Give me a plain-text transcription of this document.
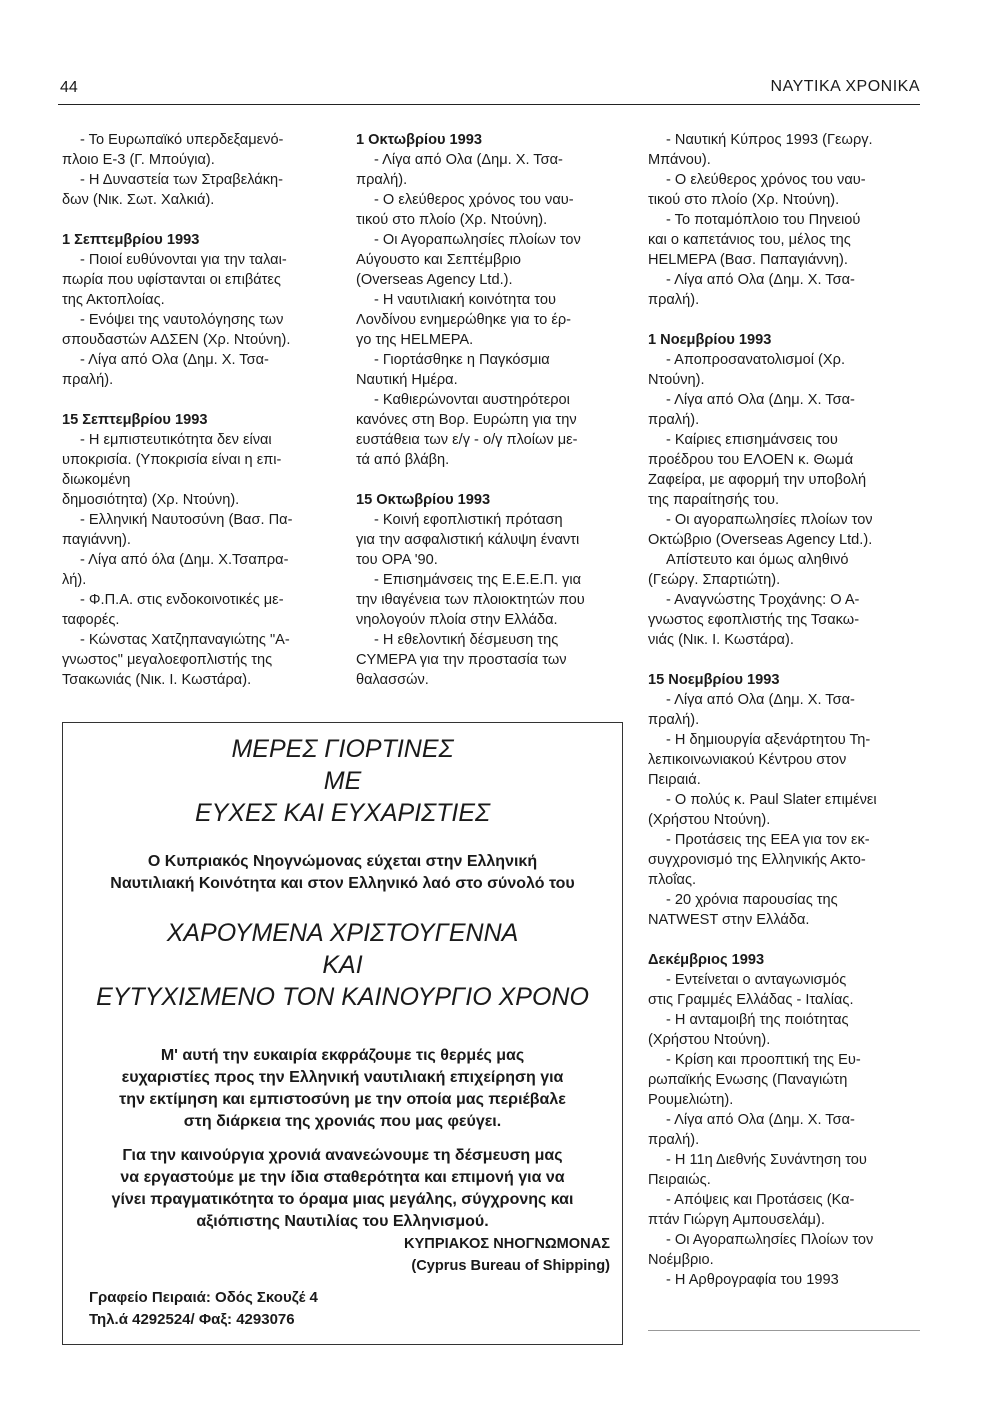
44	ΝΑΥΤΙΚΑ ΧΡΟΝΙΚΑ

- Το Ευρωπαϊκό υπερδεξαμενό-

πλοιο Ε-3 (Γ. Μπούγια).

- Η Δυναστεία των Στραβελάκη-

δων (Νικ. Σωτ. Χαλκιά).

1 Σεπτεμβρίου 1993

- Ποιοί ευθύνονται για την ταλαι-

πωρία που υφίστανται οι επιβάτες

της Ακτοπλοίας.

- Ενόψει της ναυτολόγησης των

σπουδαστών ΑΔΣΕΝ (Χρ. Ντούνη).

- Λίγα από Ολα (Δημ. Χ. Τσα-

πραλή).

15 Σεπτεμβρίου 1993

- Η εμπιστευτικότητα δεν είναι

υποκρισία. (Υποκρισία είναι η επι-

διωκομένη

δημοσιότητα) (Χρ. Ντούνη).

- Ελληνική Ναυτοσύνη (Βασ. Πα-

παγιάννη).

- Λίγα από όλα (Δημ. Χ.Τσαπρα-

λή).

- Φ.Π.Α. στις ενδοκοινοτικές με-

ταφορές.

- Κώνστας Χατζηπαναγιώτης "Α-

γνωστος" μεγαλοεφοπλιστής της

Τσακωνιάς (Νικ. Ι. Κωστάρα).

1 Οκτωβρίου 1993

- Λίγα από Ολα (Δημ. Χ. Τσα-

πραλή).

- Ο ελεύθερος χρόνος του ναυ-

τικού στο πλοίο (Χρ. Ντούνη).

- Οι Αγοραπωλησίες πλοίων τον

Αύγουστο και Σεπτέμβριο

(Overseas Agency Ltd.).

- Η ναυτιλιακή κοινότητα του

Λονδίνου ενημερώθηκε για το έρ-

γο της HELMEPA.

- Γιορτάσθηκε η Παγκόσμια

Ναυτική Ημέρα.

- Καθιερώνονται αυστηρότεροι

κανόνες στη Βορ. Ευρώπη για την

ευστάθεια των ε/γ - ο/γ πλοίων με-

τά από βλάβη.

15 Οκτωβρίου 1993

- Κοινή εφοπλιστική πρόταση

για την ασφαλιστική κάλυψη έναντι

του ΟΡΑ '90.

- Επισημάνσεις της Ε.Ε.Ε.Π. για

την ιθαγένεια των πλοιοκτητών που

νηολογούν πλοία στην Ελλάδα.

- Η εθελοντική δέσμευση της

CYMEPA για την προστασία των

θαλασσών.

- Ναυτική Κύπρος 1993 (Γεωργ.

Μπάνου).

- Ο ελεύθερος χρόνος του ναυ-

τικού στο πλοίο (Χρ. Ντούνη).

- Το ποταμόπλοιο του Πηνειού

και ο καπετάνιος του, μέλος της

HELMEPA (Βασ. Παπαγιάννη).

- Λίγα από Ολα (Δημ. Χ. Τσα-

πραλή).

1 Νοεμβρίου 1993

- Αποπροσανατολισμοί (Χρ.

Ντούνη).

- Λίγα από Ολα (Δημ. Χ. Τσα-

πραλή).

- Καίριες επισημάνσεις του

προέδρου του ΕΛΟΕΝ κ. Θωμά

Ζαφείρα, με αφορμή την υποβολή

της παραίτησής του.

- Οι αγοραπωλησίες πλοίων τον

Οκτώβριο (Overseas Agency Ltd.).

Απίστευτο και όμως αληθινό

(Γεώργ. Σπαρτιώτη).

- Αναγνώστης Τροχάνης: Ο Α-

γνωστος εφοπλιστής της Τσακω-

νιάς (Νικ. Ι. Κωστάρα).

15 Νοεμβρίου 1993

- Λίγα από Ολα (Δημ. Χ. Τσα-

πραλή).

- Η δημιουργία αξενάρτητου Τη-

λεπικοινωνιακού Κέντρου στον

Πειραιά.

- Ο πολύς κ. Paul Slater επιμένει

(Χρήστου Ντούνη).

- Προτάσεις της ΕΕΑ για τον εκ-

συγχρονισμό της Ελληνικής Ακτο-

πλοΐας.

- 20 χρόνια παρουσίας της

NATWEST στην Ελλάδα.

Δεκέμβριος 1993

- Εντείνεται ο ανταγωνισμός

στις Γραμμές Ελλάδας - Ιταλίας.

- Η ανταμοιβή της ποιότητας

(Χρήστου Ντούνη).

- Κρίση και προοπτική της Ευ-

ρωπαϊκής Ενωσης (Παναγιώτη

Ρουμελιώτη).

- Λίγα από Ολα (Δημ. Χ. Τσα-

πραλή).

- Η 11η Διεθνής Συνάντηση του

Πειραιώς.

- Απόψεις και Προτάσεις (Κα-

πτάν Γιώργη Αμπουσελάμ).

- Οι Αγοραπωλησίες Πλοίων τον

Νοέμβριο.

- Η Αρθρογραφία του 1993

ΜΕΡΕΣ ΓΙΟΡΤΙΝΕΣ
ΜΕ
ΕΥΧΕΣ ΚΑΙ ΕΥΧΑΡΙΣΤΙΕΣ
Ο Κυπριακός Νηογνώμονας εύχεται στην Ελληνική
Ναυτιλιακή Κοινότητα και στον Ελληνικό λαό στο σύνολό του
ΧΑΡΟΥΜΕΝΑ ΧΡΙΣΤΟΥΓΕΝΝΑ
ΚΑΙ
ΕΥΤΥΧΙΣΜΕΝΟ ΤΟΝ ΚΑΙΝΟΥΡΓΙΟ ΧΡΟΝΟ
Μ' αυτή την ευκαιρία εκφράζουμε τις θερμές μας
ευχαριστίες προς την Ελληνική ναυτιλιακή επιχείρηση για
την εκτίμηση και εμπιστοσύνη με την οποία μας περιέβαλε
στη διάρκεια της χρονιάς που μας φεύγει.
Για την καινούργια χρονιά ανανεώνουμε τη δέσμευση μας
να εργαστούμε με την ίδια σταθερότητα και επιμονή για να
γίνει πραγματικότητα το όραμα μιας μεγάλης, σύγχρονης και
αξιόπιστης Ναυτιλίας του Ελληνισμού.
ΚΥΠΡΙΑΚΟΣ ΝΗΟΓΝΩΜΟΝΑΣ
(Cyprus Bureau of Shipping)
Γραφείο Πειραιά: Οδός Σκουζέ 4
Τηλ.ά 4292524/ Φαξ: 4293076
